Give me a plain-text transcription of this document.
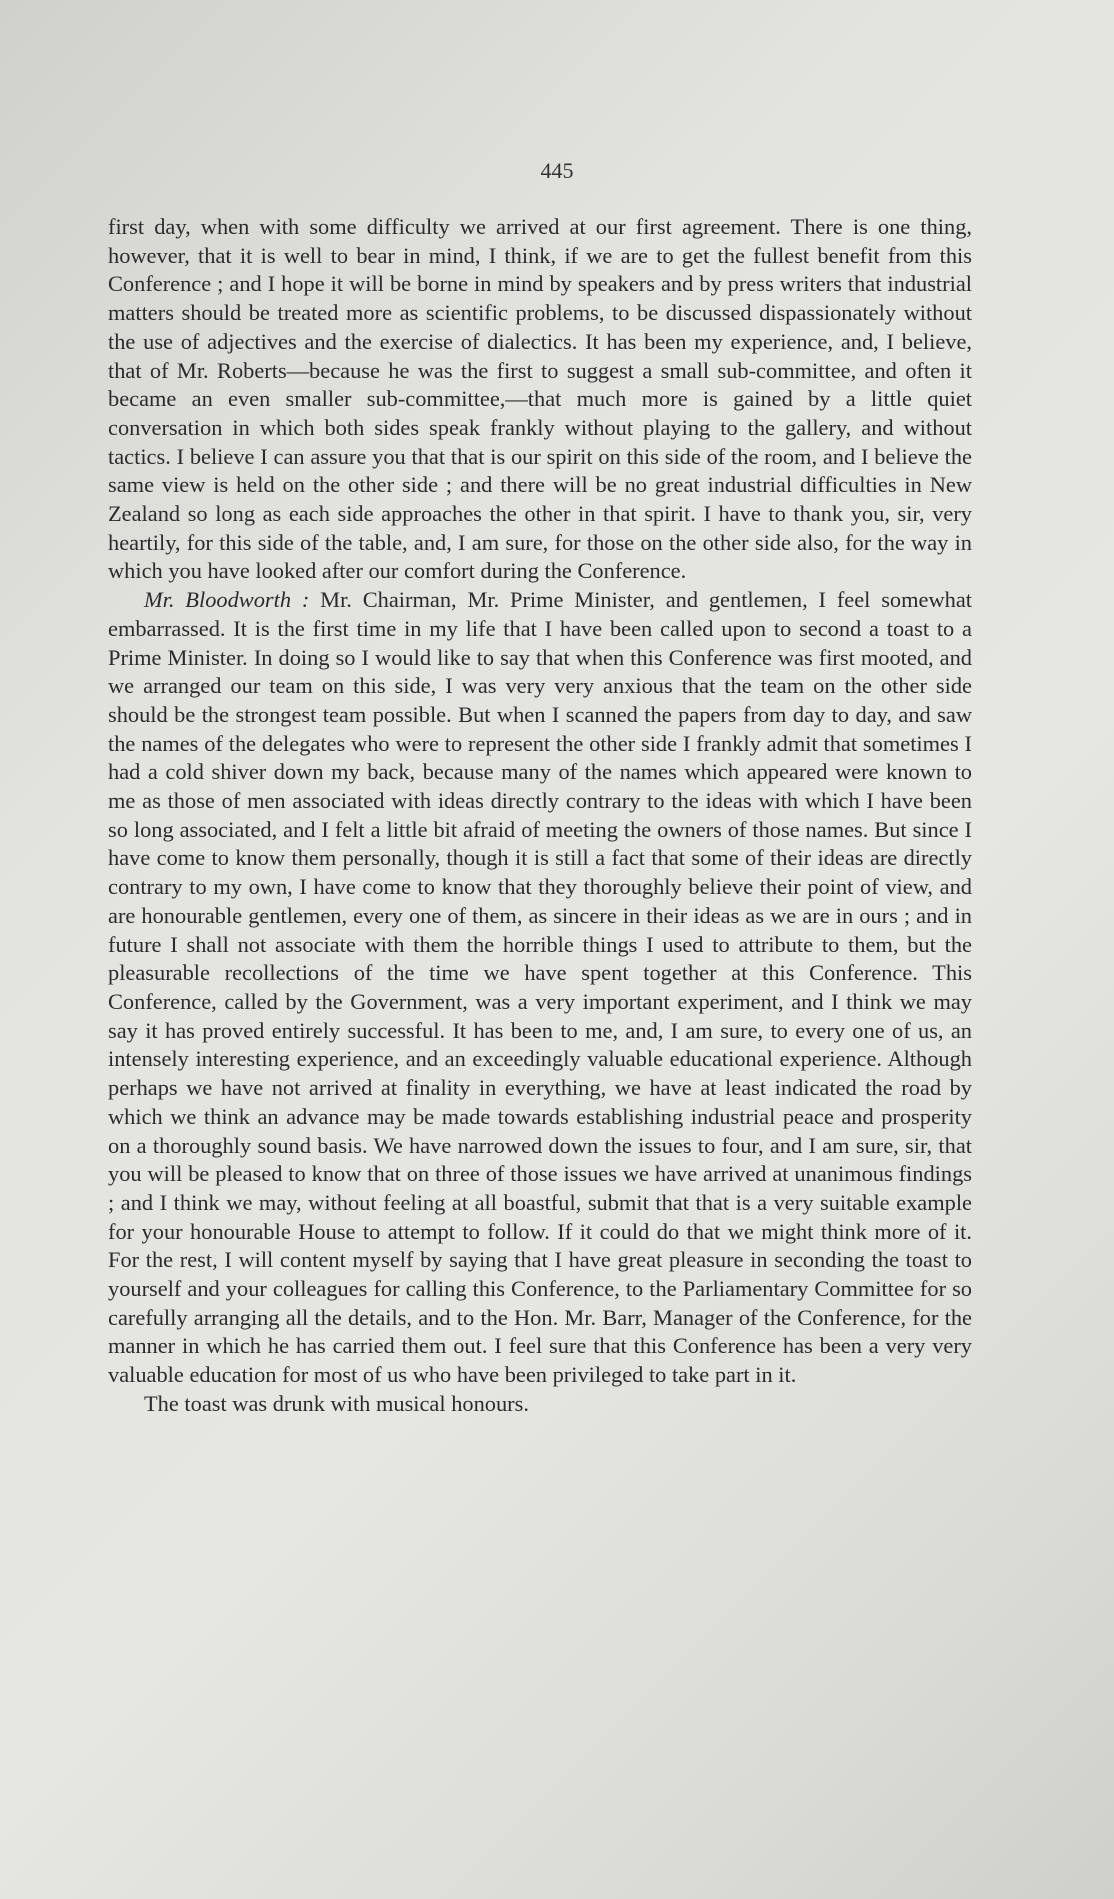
445

first day, when with some difficulty we arrived at our first agreement. There is one thing, however, that it is well to bear in mind, I think, if we are to get the fullest benefit from this Conference ; and I hope it will be borne in mind by speakers and by press writers that industrial matters should be treated more as scientific problems, to be discussed dispassionately without the use of adjectives and the exercise of dialectics. It has been my experience, and, I believe, that of Mr. Roberts—because he was the first to suggest a small sub-committee, and often it became an even smaller sub-committee,—that much more is gained by a little quiet conversation in which both sides speak frankly without playing to the gallery, and without tactics. I believe I can assure you that that is our spirit on this side of the room, and I believe the same view is held on the other side ; and there will be no great industrial difficulties in New Zealand so long as each side approaches the other in that spirit. I have to thank you, sir, very heartily, for this side of the table, and, I am sure, for those on the other side also, for the way in which you have looked after our comfort during the Conference.

Mr. Bloodworth : Mr. Chairman, Mr. Prime Minister, and gentlemen, I feel somewhat embarrassed. It is the first time in my life that I have been called upon to second a toast to a Prime Minister. In doing so I would like to say that when this Conference was first mooted, and we arranged our team on this side, I was very very anxious that the team on the other side should be the strongest team possible. But when I scanned the papers from day to day, and saw the names of the delegates who were to represent the other side I frankly admit that sometimes I had a cold shiver down my back, because many of the names which appeared were known to me as those of men associated with ideas directly contrary to the ideas with which I have been so long associated, and I felt a little bit afraid of meeting the owners of those names. But since I have come to know them personally, though it is still a fact that some of their ideas are directly contrary to my own, I have come to know that they thoroughly believe their point of view, and are honourable gentlemen, every one of them, as sincere in their ideas as we are in ours ; and in future I shall not associate with them the horrible things I used to attribute to them, but the pleasurable recollections of the time we have spent together at this Conference. This Conference, called by the Government, was a very important experiment, and I think we may say it has proved entirely successful. It has been to me, and, I am sure, to every one of us, an intensely interesting experience, and an exceedingly valuable educational experience. Although perhaps we have not arrived at finality in everything, we have at least indicated the road by which we think an advance may be made towards establishing industrial peace and prosperity on a thoroughly sound basis. We have narrowed down the issues to four, and I am sure, sir, that you will be pleased to know that on three of those issues we have arrived at unanimous findings ; and I think we may, without feeling at all boastful, submit that that is a very suitable example for your honourable House to attempt to follow. If it could do that we might think more of it. For the rest, I will content myself by saying that I have great pleasure in seconding the toast to yourself and your colleagues for calling this Conference, to the Parliamentary Committee for so carefully arranging all the details, and to the Hon. Mr. Barr, Manager of the Conference, for the manner in which he has carried them out. I feel sure that this Conference has been a very very valuable education for most of us who have been privileged to take part in it.

The toast was drunk with musical honours.
